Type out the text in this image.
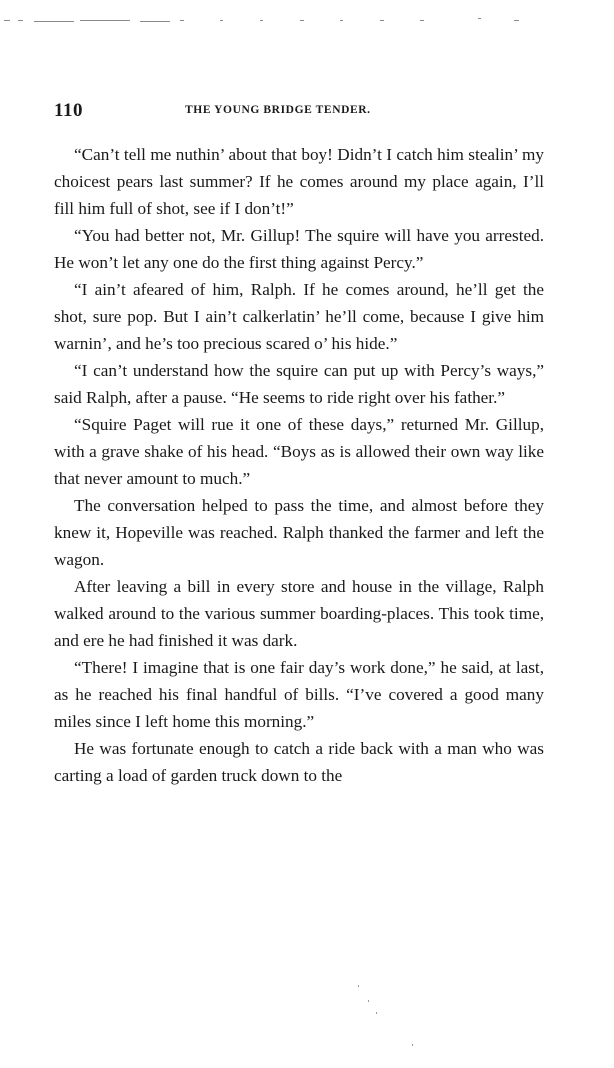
110	THE YOUNG BRIDGE TENDER.

“Can’t tell me nuthin’ about that boy! Didn’t I catch him stealin’ my choicest pears last summer? If he comes around my place again, I’ll fill him full of shot, see if I don’t!”

“You had better not, Mr. Gillup! The squire will have you arrested. He won’t let any one do the first thing against Percy.”

“I ain’t afeared of him, Ralph. If he comes around, he’ll get the shot, sure pop. But I ain’t calkerlatin’ he’ll come, because I give him warnin’, and he’s too precious scared o’ his hide.”

“I can’t understand how the squire can put up with Percy’s ways,” said Ralph, after a pause. “He seems to ride right over his father.”

“Squire Paget will rue it one of these days,” returned Mr. Gillup, with a grave shake of his head. “Boys as is allowed their own way like that never amount to much.”

The conversation helped to pass the time, and almost before they knew it, Hopeville was reached. Ralph thanked the farmer and left the wagon.

After leaving a bill in every store and house in the village, Ralph walked around to the various summer boarding-places. This took time, and ere he had finished it was dark.

“There! I imagine that is one fair day’s work done,” he said, at last, as he reached his final handful of bills. “I’ve covered a good many miles since I left home this morning.”

He was fortunate enough to catch a ride back with a man who was carting a load of garden truck down to the
